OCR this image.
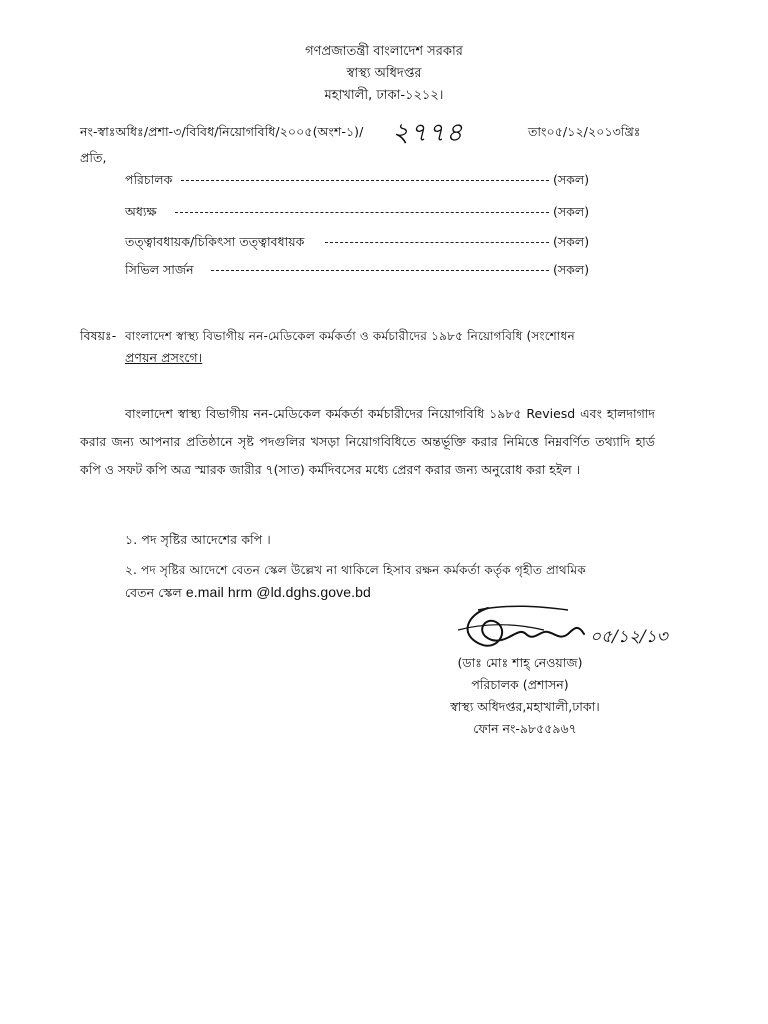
গণপ্রজাতন্ত্রী বাংলাদেশ সরকার
স্বাস্থ্য অধিদপ্তর
মহাখালী, ঢাকা-১২১২।
নং-স্বাঃঅধিঃ/প্রশা-৩/বিবিধ/নিয়োগবিধি/২০০৫(অংশ-১)/ ২৭৭৪	তাং০৫/১২/২০১৩খ্রিঃ
প্রতি,
পরিচালক	(সকল)
অধ্যক্ষ	(সকল)
তত্ত্বাবধায়ক/চিকিৎসা তত্ত্বাবধায়ক	(সকল)
সিভিল সার্জন	(সকল)
বিষয়ঃ- বাংলাদেশ স্বাস্থ্য বিভাগীয় নন-মেডিকেল কর্মকর্তা ও কর্মচারীদের ১৯৮৫ নিয়োগবিধি (সংশোধন
প্রণয়ন প্রসংগে।
বাংলাদেশ স্বাস্থ্য বিভাগীয় নন-মেডিকেল কর্মকর্তা কর্মচারীদের নিয়োগবিধি ১৯৮৫ Reviesd এবং হালদাগাদ করার জন্য আপনার প্রতিষ্ঠানে সৃষ্ট পদগুলির খসড়া নিয়োগবিধিতে অন্তর্ভূক্তি করার নিমিত্তে নিম্নবর্ণিত তথ্যাদি হার্ড কপি ও সফট কপি অত্র স্মারক জারীর ৭(সাত) কর্মদিবসের মধ্যে প্রেরণ করার জন্য অনুরোধ করা হইল ।
১. পদ সৃষ্টির আদেশের কপি ।
২. পদ সৃষ্টির আদেশে বেতন স্কেল উল্লেখ না থাকিলে হিসাব রক্ষন কর্মকর্তা কর্তৃক গৃহীত প্রাথমিক
বেতন স্কেল e.mail hrm @ld.dghs.gove.bd
০৫/১২/১৩
(ডাঃ মোঃ শাহ্ নেওয়াজ)
পরিচালক (প্রশাসন)
স্বাস্থ্য অধিদপ্তর,মহাখালী,ঢাকা।
ফোন নং-৯৮৫৫৯৬৭
